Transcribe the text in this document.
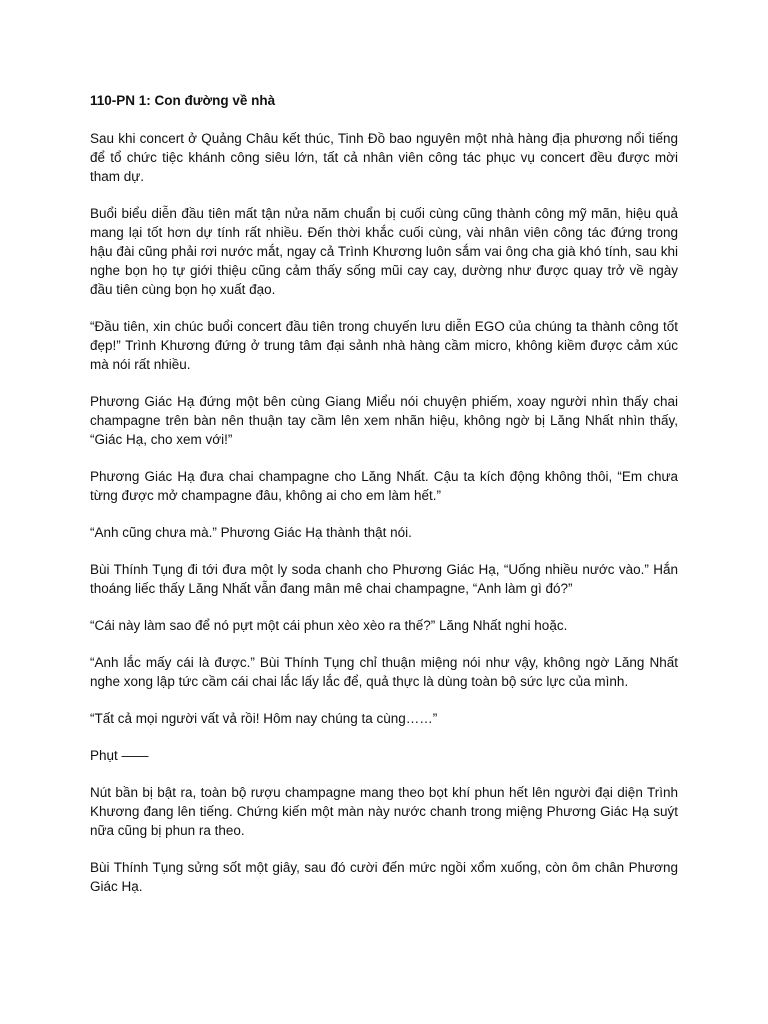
110-PN 1: Con đường về nhà

Sau khi concert ở Quảng Châu kết thúc, Tinh Đồ bao nguyên một nhà hàng địa phương nổi tiếng để tổ chức tiệc khánh công siêu lớn, tất cả nhân viên công tác phục vụ concert đều được mời tham dự.

Buổi biểu diễn đầu tiên mất tận nửa năm chuẩn bị cuối cùng cũng thành công mỹ mãn, hiệu quả mang lại tốt hơn dự tính rất nhiều. Đến thời khắc cuối cùng, vài nhân viên công tác đứng trong hậu đài cũng phải rơi nước mắt, ngay cả Trình Khương luôn sắm vai ông cha già khó tính, sau khi nghe bọn họ tự giới thiệu cũng cảm thấy sống mũi cay cay, dường như được quay trở về ngày đầu tiên cùng bọn họ xuất đạo.

“Đầu tiên, xin chúc buổi concert đầu tiên trong chuyến lưu diễn EGO của chúng ta thành công tốt đẹp!” Trình Khương đứng ở trung tâm đại sảnh nhà hàng cầm micro, không kiềm được cảm xúc mà nói rất nhiều.

Phương Giác Hạ đứng một bên cùng Giang Miểu nói chuyện phiếm, xoay người nhìn thấy chai champagne trên bàn nên thuận tay cầm lên xem nhãn hiệu, không ngờ bị Lăng Nhất nhìn thấy, “Giác Hạ, cho xem với!”

Phương Giác Hạ đưa chai champagne cho Lăng Nhất. Cậu ta kích động không thôi, “Em chưa từng được mở champagne đâu, không ai cho em làm hết.”

“Anh cũng chưa mà.” Phương Giác Hạ thành thật nói.

Bùi Thính Tụng đi tới đưa một ly soda chanh cho Phương Giác Hạ, “Uống nhiều nước vào.” Hắn thoáng liếc thấy Lăng Nhất vẫn đang mân mê chai champagne, “Anh làm gì đó?”

“Cái này làm sao để nó pựt một cái phun xèo xèo ra thế?” Lăng Nhất nghi hoặc.

“Anh lắc mấy cái là được.” Bùi Thính Tụng chỉ thuận miệng nói như vậy, không ngờ Lăng Nhất nghe xong lập tức cầm cái chai lắc lấy lắc để, quả thực là dùng toàn bộ sức lực của mình.

“Tất cả mọi người vất vả rồi! Hôm nay chúng ta cùng……”

Phụt ——

Nút bần bị bật ra, toàn bộ rượu champagne mang theo bọt khí phun hết lên người đại diện Trình Khương đang lên tiếng. Chứng kiến một màn này nước chanh trong miệng Phương Giác Hạ suýt nữa cũng bị phun ra theo.

Bùi Thính Tụng sửng sốt một giây, sau đó cười đến mức ngồi xổm xuống, còn ôm chân Phương Giác Hạ.
